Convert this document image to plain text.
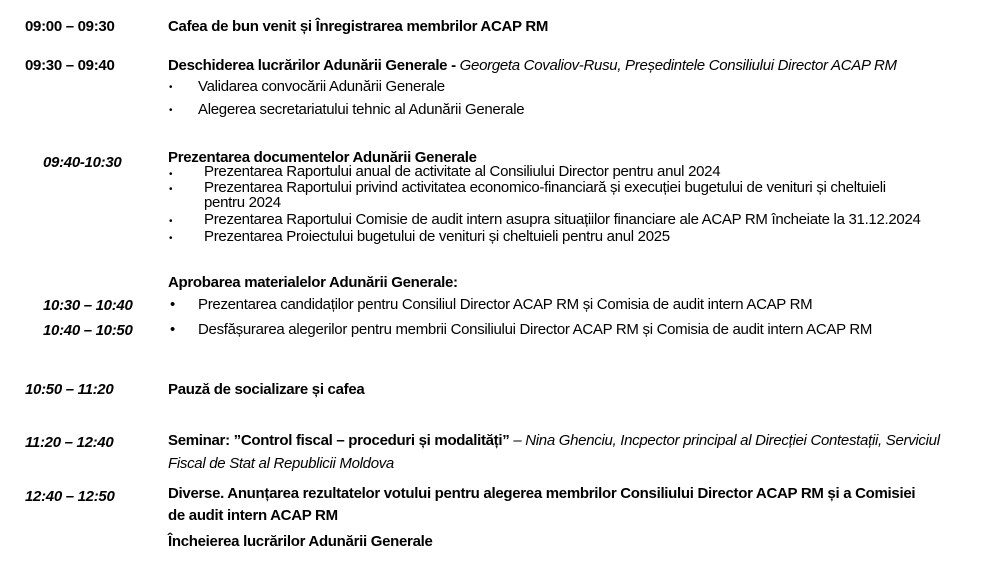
09:00 – 09:30	Cafea de bun venit și Înregistrarea membrilor ACAP RM
09:30 – 09:40	Deschiderea lucrărilor Adunării Generale - Georgeta Covaliov-Rusu, Președintele Consiliului Director ACAP RM
• Validarea convocării Adunării Generale
• Alegerea secretariatului tehnic al Adunării Generale
09:40-10:30	Prezentarea documentelor Adunării Generale
• Prezentarea Raportului anual de activitate al Consiliului Director pentru anul 2024
• Prezentarea Raportului privind activitatea economico-financiară și execuției bugetului de venituri și cheltuieli
pentru 2024
• Prezentarea Raportului Comisie de audit intern asupra situațiilor financiare ale ACAP RM încheiate la 31.12.2024
• Prezentarea Proiectului bugetului de venituri și cheltuieli pentru anul 2025
Aprobarea materialelor Adunării Generale:
10:30 – 10:40 • Prezentarea candidaților pentru Consiliul Director ACAP RM și Comisia de audit intern ACAP RM
10:40 – 10:50 • Desfășurarea alegerilor pentru membrii Consiliului Director ACAP RM și Comisia de audit intern ACAP RM
10:50 – 11:20	Pauză de socializare și cafea
11:20 – 12:40	Seminar: ”Control fiscal – proceduri și modalități” – Nina Ghenciu, Incpector principal al Direcției Contestații, Serviciul
Fiscal de Stat al Republicii Moldova
12:40 – 12:50	Diverse. Anunțarea rezultatelor votului pentru alegerea membrilor Consiliului Director ACAP RM și a Comisiei
de audit intern ACAP RM
Încheierea lucrărilor Adunării Generale
